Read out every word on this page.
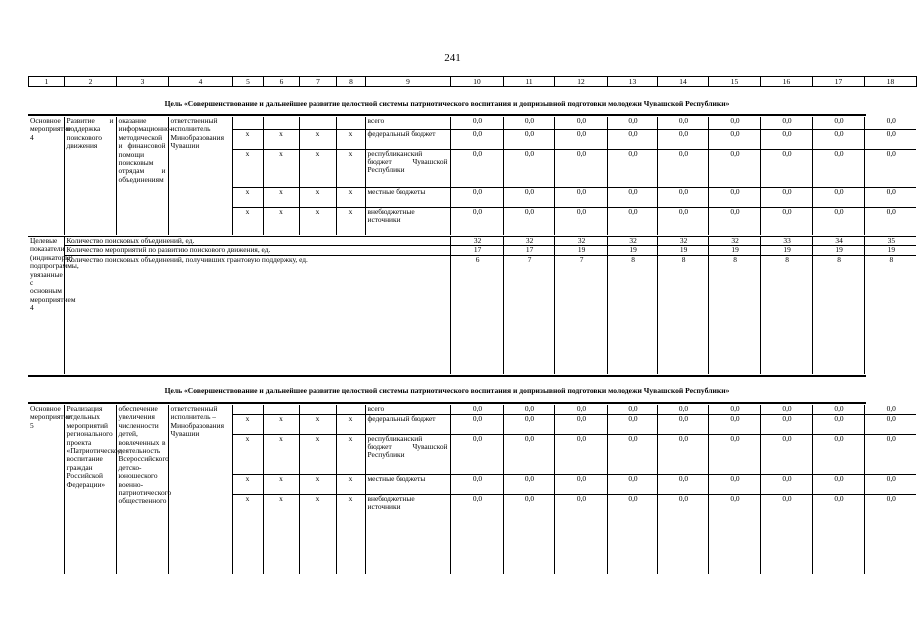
241
1	2	3	4	5	6	7	8	9	10	11	12	13	14	15	16	17	18
Цель «Совершенствование и дальнейшее развитие целостной системы патриотического воспитания и допризывной подготовки молодежи Чувашской Республики»
Основное мероприятие 4	Развитие и поддержка поискового движения	оказание информационно-методической и финансовой помощи поисковым отрядам и объединениям	ответственный исполнитель Минобразования Чувашии					всего	0,0	0,0	0,0	0,0	0,0	0,0	0,0	0,0	0,0
				х	х	х	х	федеральный бюджет	0,0	0,0	0,0	0,0	0,0	0,0	0,0	0,0	0,0
				х	х	х	х	республиканский бюджет Чувашской Республики	0,0	0,0	0,0	0,0	0,0	0,0	0,0	0,0	0,0
				х	х	х	х	местные бюджеты	0,0	0,0	0,0	0,0	0,0	0,0	0,0	0,0	0,0
				х	х	х	х	внебюджетные источники	0,0	0,0	0,0	0,0	0,0	0,0	0,0	0,0	0,0
Целевые показатели (индикаторы) подпрограммы, увязанные с основным мероприятием 4	Количество поисковых объединений, ед.	32	32	32	32	32	32	33	34	35
	Количество мероприятий по развитию поискового движения, ед.	17	17	19	19	19	19	19	19	19
	Количество поисковых объединений, получивших грантовую поддержку, ед.	6	7	7	8	8	8	8	8	8
Цель «Совершенствование и дальнейшее развитие целостной системы патриотического воспитания и допризывной подготовки молодежи Чувашской Республики»
Основное мероприятие 5	Реализация отдельных мероприятий регионального проекта «Патриотическое воспитание граждан Российской Федерации»	обеспечение увеличения численности детей, вовлеченных в деятельность Всероссийского детско-юношеского военно-патриотического общественного	ответственный исполнитель – Минобразования Чувашии					всего	0,0	0,0	0,0	0,0	0,0	0,0	0,0	0,0	0,0
				х	х	х	х	федеральный бюджет	0,0	0,0	0,0	0,0	0,0	0,0	0,0	0,0	0,0
				х	х	х	х	республиканский бюджет Чувашской Республики	0,0	0,0	0,0	0,0	0,0	0,0	0,0	0,0	0,0
				х	х	х	х	местные бюджеты	0,0	0,0	0,0	0,0	0,0	0,0	0,0	0,0	0,0
				х	х	х	х	внебюджетные источники	0,0	0,0	0,0	0,0	0,0	0,0	0,0	0,0	0,0
